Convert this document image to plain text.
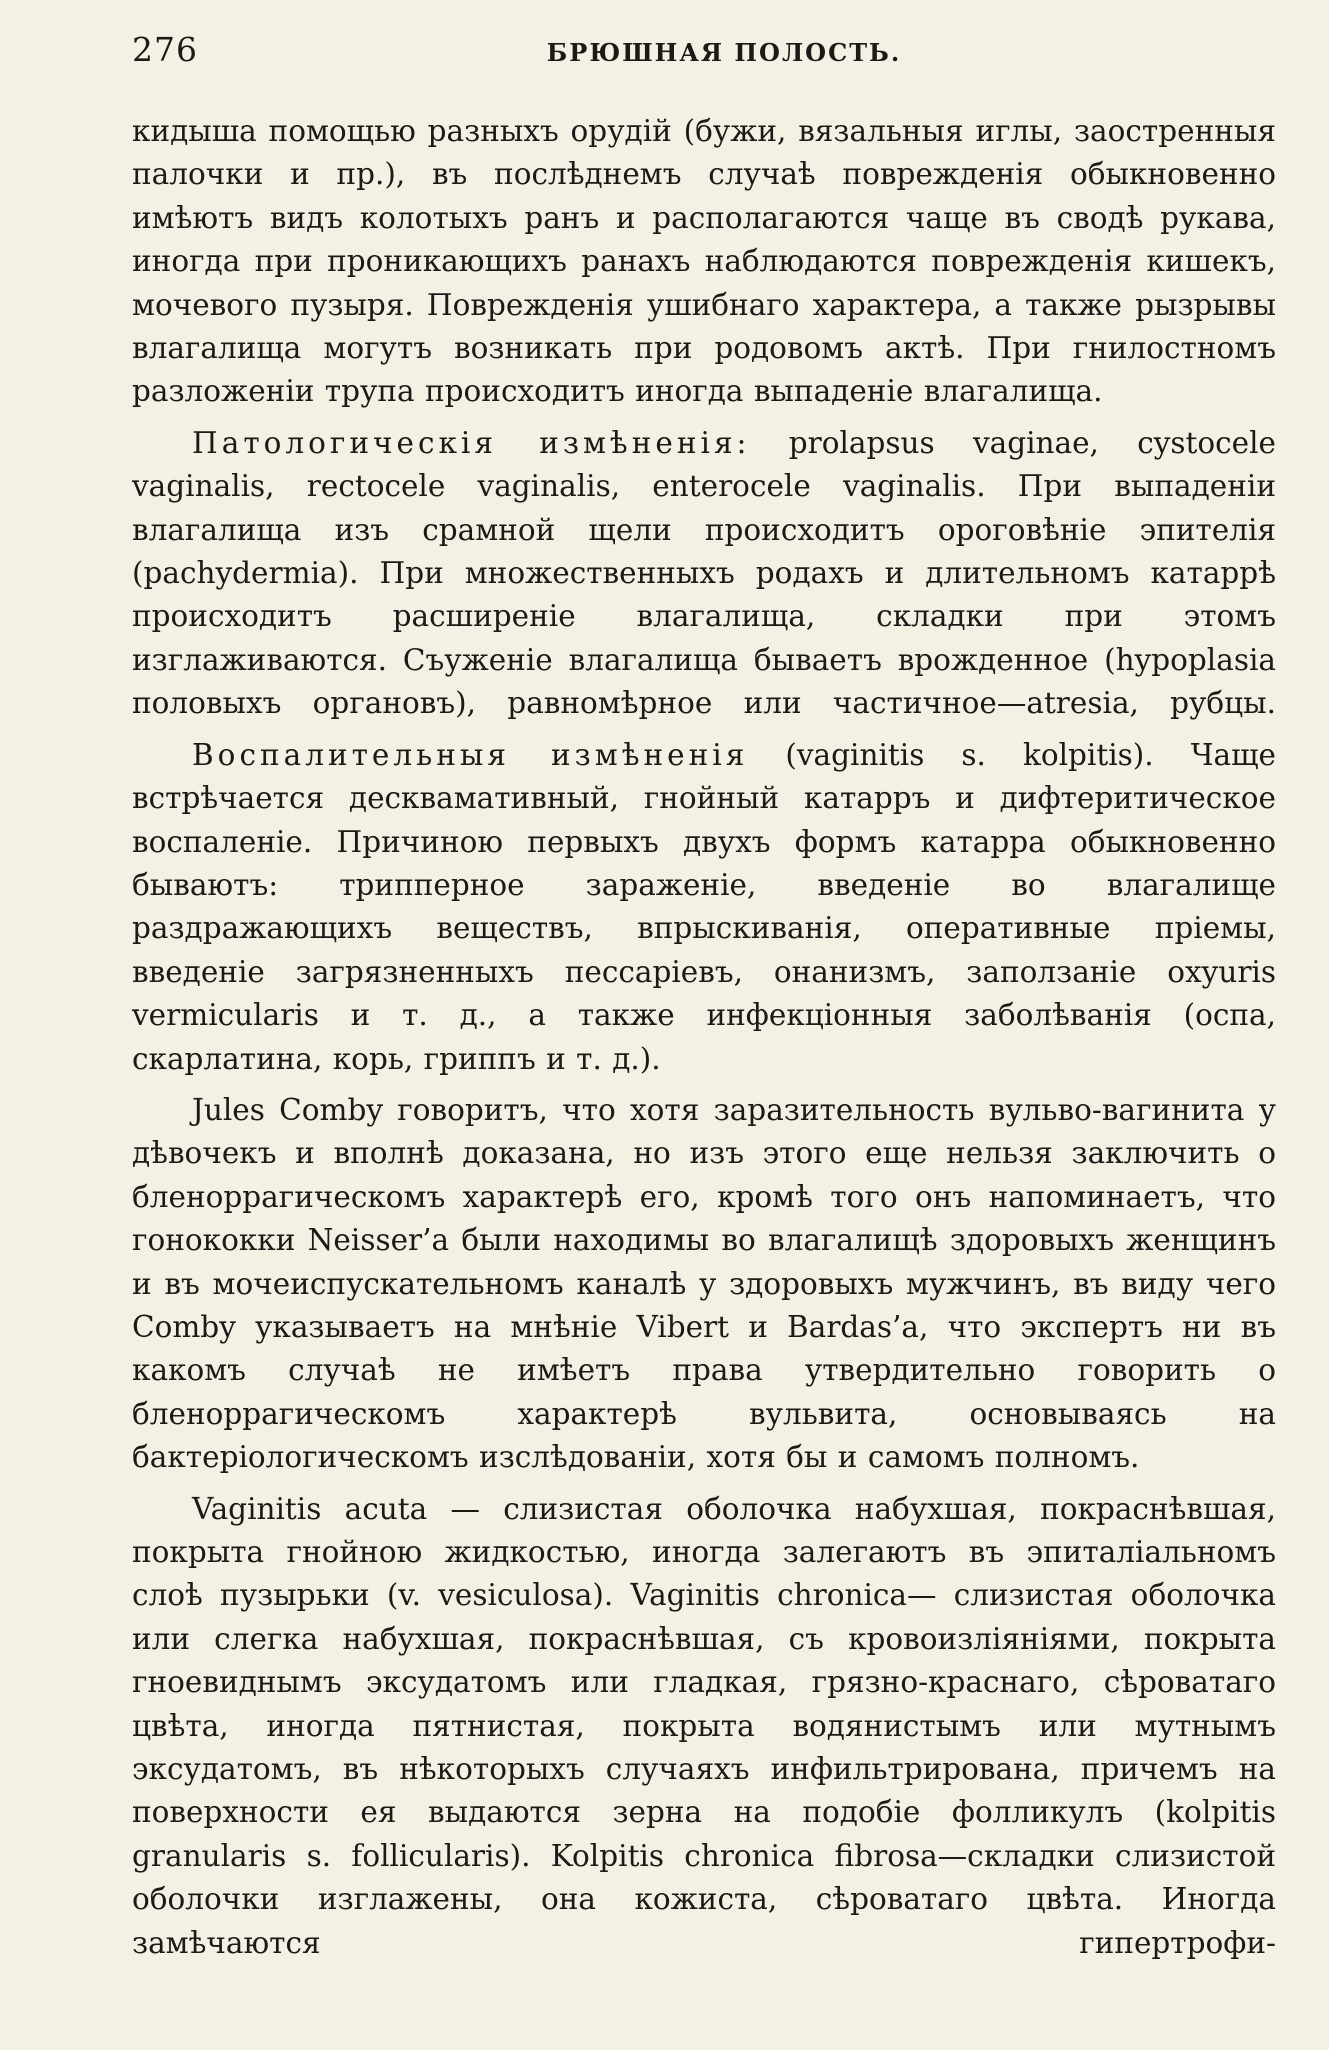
276	БРЮШНАЯ ПОЛОСТЬ.

кидыша помощью разныхъ орудій (бужи, вязальныя иглы, заостренныя палочки и пр.), въ послѣднемъ случаѣ поврежденія обыкновенно имѣютъ видъ колотыхъ ранъ и располагаются чаще въ сводѣ рукава, иногда при проникающихъ ранахъ наблюдаются поврежденія кишекъ, мочевого пузыря. Поврежденія ушибнаго характера, а также рызрывы влагалища могутъ возникать при родовомъ актѣ. При гнилостномъ разложеніи трупа происходитъ иногда выпаденіе влагалища.

Патологическія измѣненія: prolapsus vaginae, cystocele vaginalis, rectocele vaginalis, enterocele vaginalis. При выпаденіи влагалища изъ срамной щели происходитъ ороговѣніе эпителія (pachydermia). При множественныхъ родахъ и длительномъ катаррѣ происходитъ расширеніе влагалища, складки при этомъ изглаживаются. Съуженіе влагалища бываетъ врожденное (hypoplasia половыхъ органовъ), равномѣрное или частичное—atresia, рубцы.

Воспалительныя измѣненія (vaginitis s. kolpitis). Чаще встрѣчается десквамативный, гнойный катарръ и дифтеритическое воспаленіе. Причиною первыхъ двухъ формъ катарра обыкновенно бываютъ: трипперное зараженіе, введеніе во влагалище раздражающихъ веществъ, впрыскиванія, оперативные пріемы, введеніе загрязненныхъ пессаріевъ, онанизмъ, заползаніе oxyuris vermicularis и т. д., а также инфекціонныя заболѣванія (оспа, скарлатина, корь, гриппъ и т. д.).

Jules Comby говоритъ, что хотя заразительность вульво-вагинита у дѣвочекъ и вполнѣ доказана, но изъ этого еще нельзя заключить о бленоррагическомъ характерѣ его, кромѣ того онъ напоминаетъ, что гонококки Neisser’а были находимы во влагалищѣ здоровыхъ женщинъ и въ мочеиспускательномъ каналѣ у здоровыхъ мужчинъ, въ виду чего Comby указываетъ на мнѣніе Vibert и Bardas’а, что экспертъ ни въ какомъ случаѣ не имѣетъ права утвердительно говорить о бленоррагическомъ характерѣ вульвита, основываясь на бактеріологическомъ изслѣдованіи, хотя бы и самомъ полномъ.

Vaginitis acuta — слизистая оболочка набухшая, покраснѣвшая, покрыта гнойною жидкостью, иногда залегаютъ въ эпиталіальномъ слоѣ пузырьки (v. vesiculosa). Vaginitis chronica— слизистая оболочка или слегка набухшая, покраснѣвшая, съ кровоизліяніями, покрыта гноевиднымъ эксудатомъ или гладкая, грязно-краснаго, сѣроватаго цвѣта, иногда пятнистая, покрыта водянистымъ или мутнымъ эксудатомъ, въ нѣкоторыхъ случаяхъ инфильтрирована, причемъ на поверхности ея выдаются зерна на подобіе фолликулъ (kolpitis granularis s. follicularis). Kolpitis chronica fibrosa—складки слизистой оболочки изглажены, она кожиста, сѣроватаго цвѣта. Иногда замѣчаются гипертрофи-
